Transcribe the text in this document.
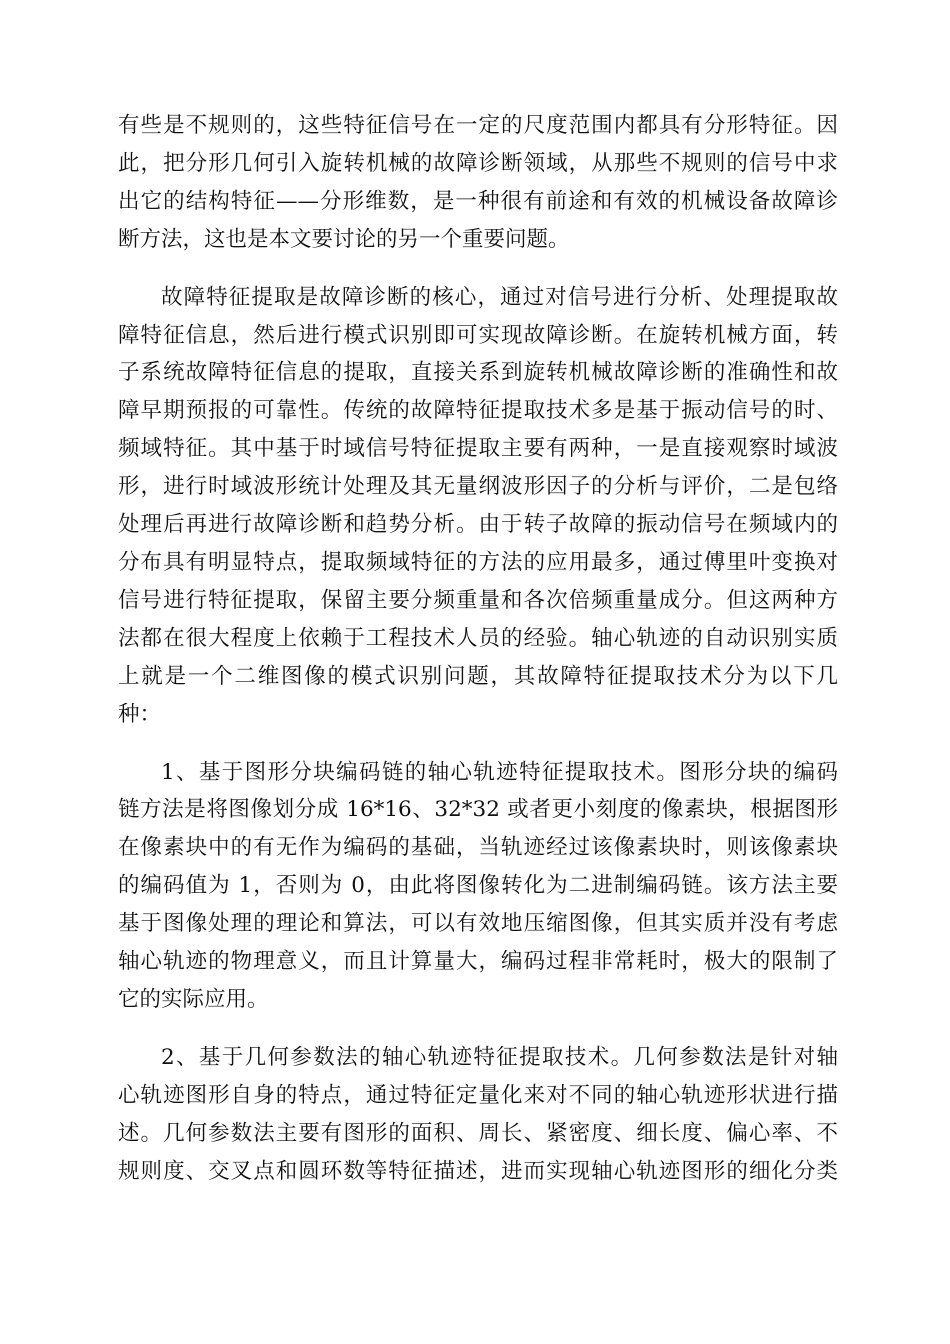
有些是不规则的，这些特征信号在一定的尺度范围内都具有分形特征。因
此，把分形几何引入旋转机械的故障诊断领域，从那些不规则的信号中求
出它的结构特征——分形维数，是一种很有前途和有效的机械设备故障诊
断方法，这也是本文要讨论的另一个重要问题。
故障特征提取是故障诊断的核心，通过对信号进行分析、处理提取故
障特征信息，然后进行模式识别即可实现故障诊断。在旋转机械方面，转
子系统故障特征信息的提取，直接关系到旋转机械故障诊断的准确性和故
障早期预报的可靠性。传统的故障特征提取技术多是基于振动信号的时、
频域特征。其中基于时域信号特征提取主要有两种，一是直接观察时域波
形，进行时域波形统计处理及其无量纲波形因子的分析与评价，二是包络
处理后再进行故障诊断和趋势分析。由于转子故障的振动信号在频域内的
分布具有明显特点，提取频域特征的方法的应用最多，通过傅里叶变换对
信号进行特征提取，保留主要分频重量和各次倍频重量成分。但这两种方
法都在很大程度上依赖于工程技术人员的经验。轴心轨迹的自动识别实质
上就是一个二维图像的模式识别问题，其故障特征提取技术分为以下几
种：
1、基于图形分块编码链的轴心轨迹特征提取技术。图形分块的编码
链方法是将图像划分成 16*16、32*32 或者更小刻度的像素块，根据图形
在像素块中的有无作为编码的基础，当轨迹经过该像素块时，则该像素块
的编码值为 1，否则为 0，由此将图像转化为二进制编码链。该方法主要
基于图像处理的理论和算法，可以有效地压缩图像，但其实质并没有考虑
轴心轨迹的物理意义，而且计算量大，编码过程非常耗时，极大的限制了
它的实际应用。
2、基于几何参数法的轴心轨迹特征提取技术。几何参数法是针对轴
心轨迹图形自身的特点，通过特征定量化来对不同的轴心轨迹形状进行描
述。几何参数法主要有图形的面积、周长、紧密度、细长度、偏心率、不
规则度、交叉点和圆环数等特征描述，进而实现轴心轨迹图形的细化分类
